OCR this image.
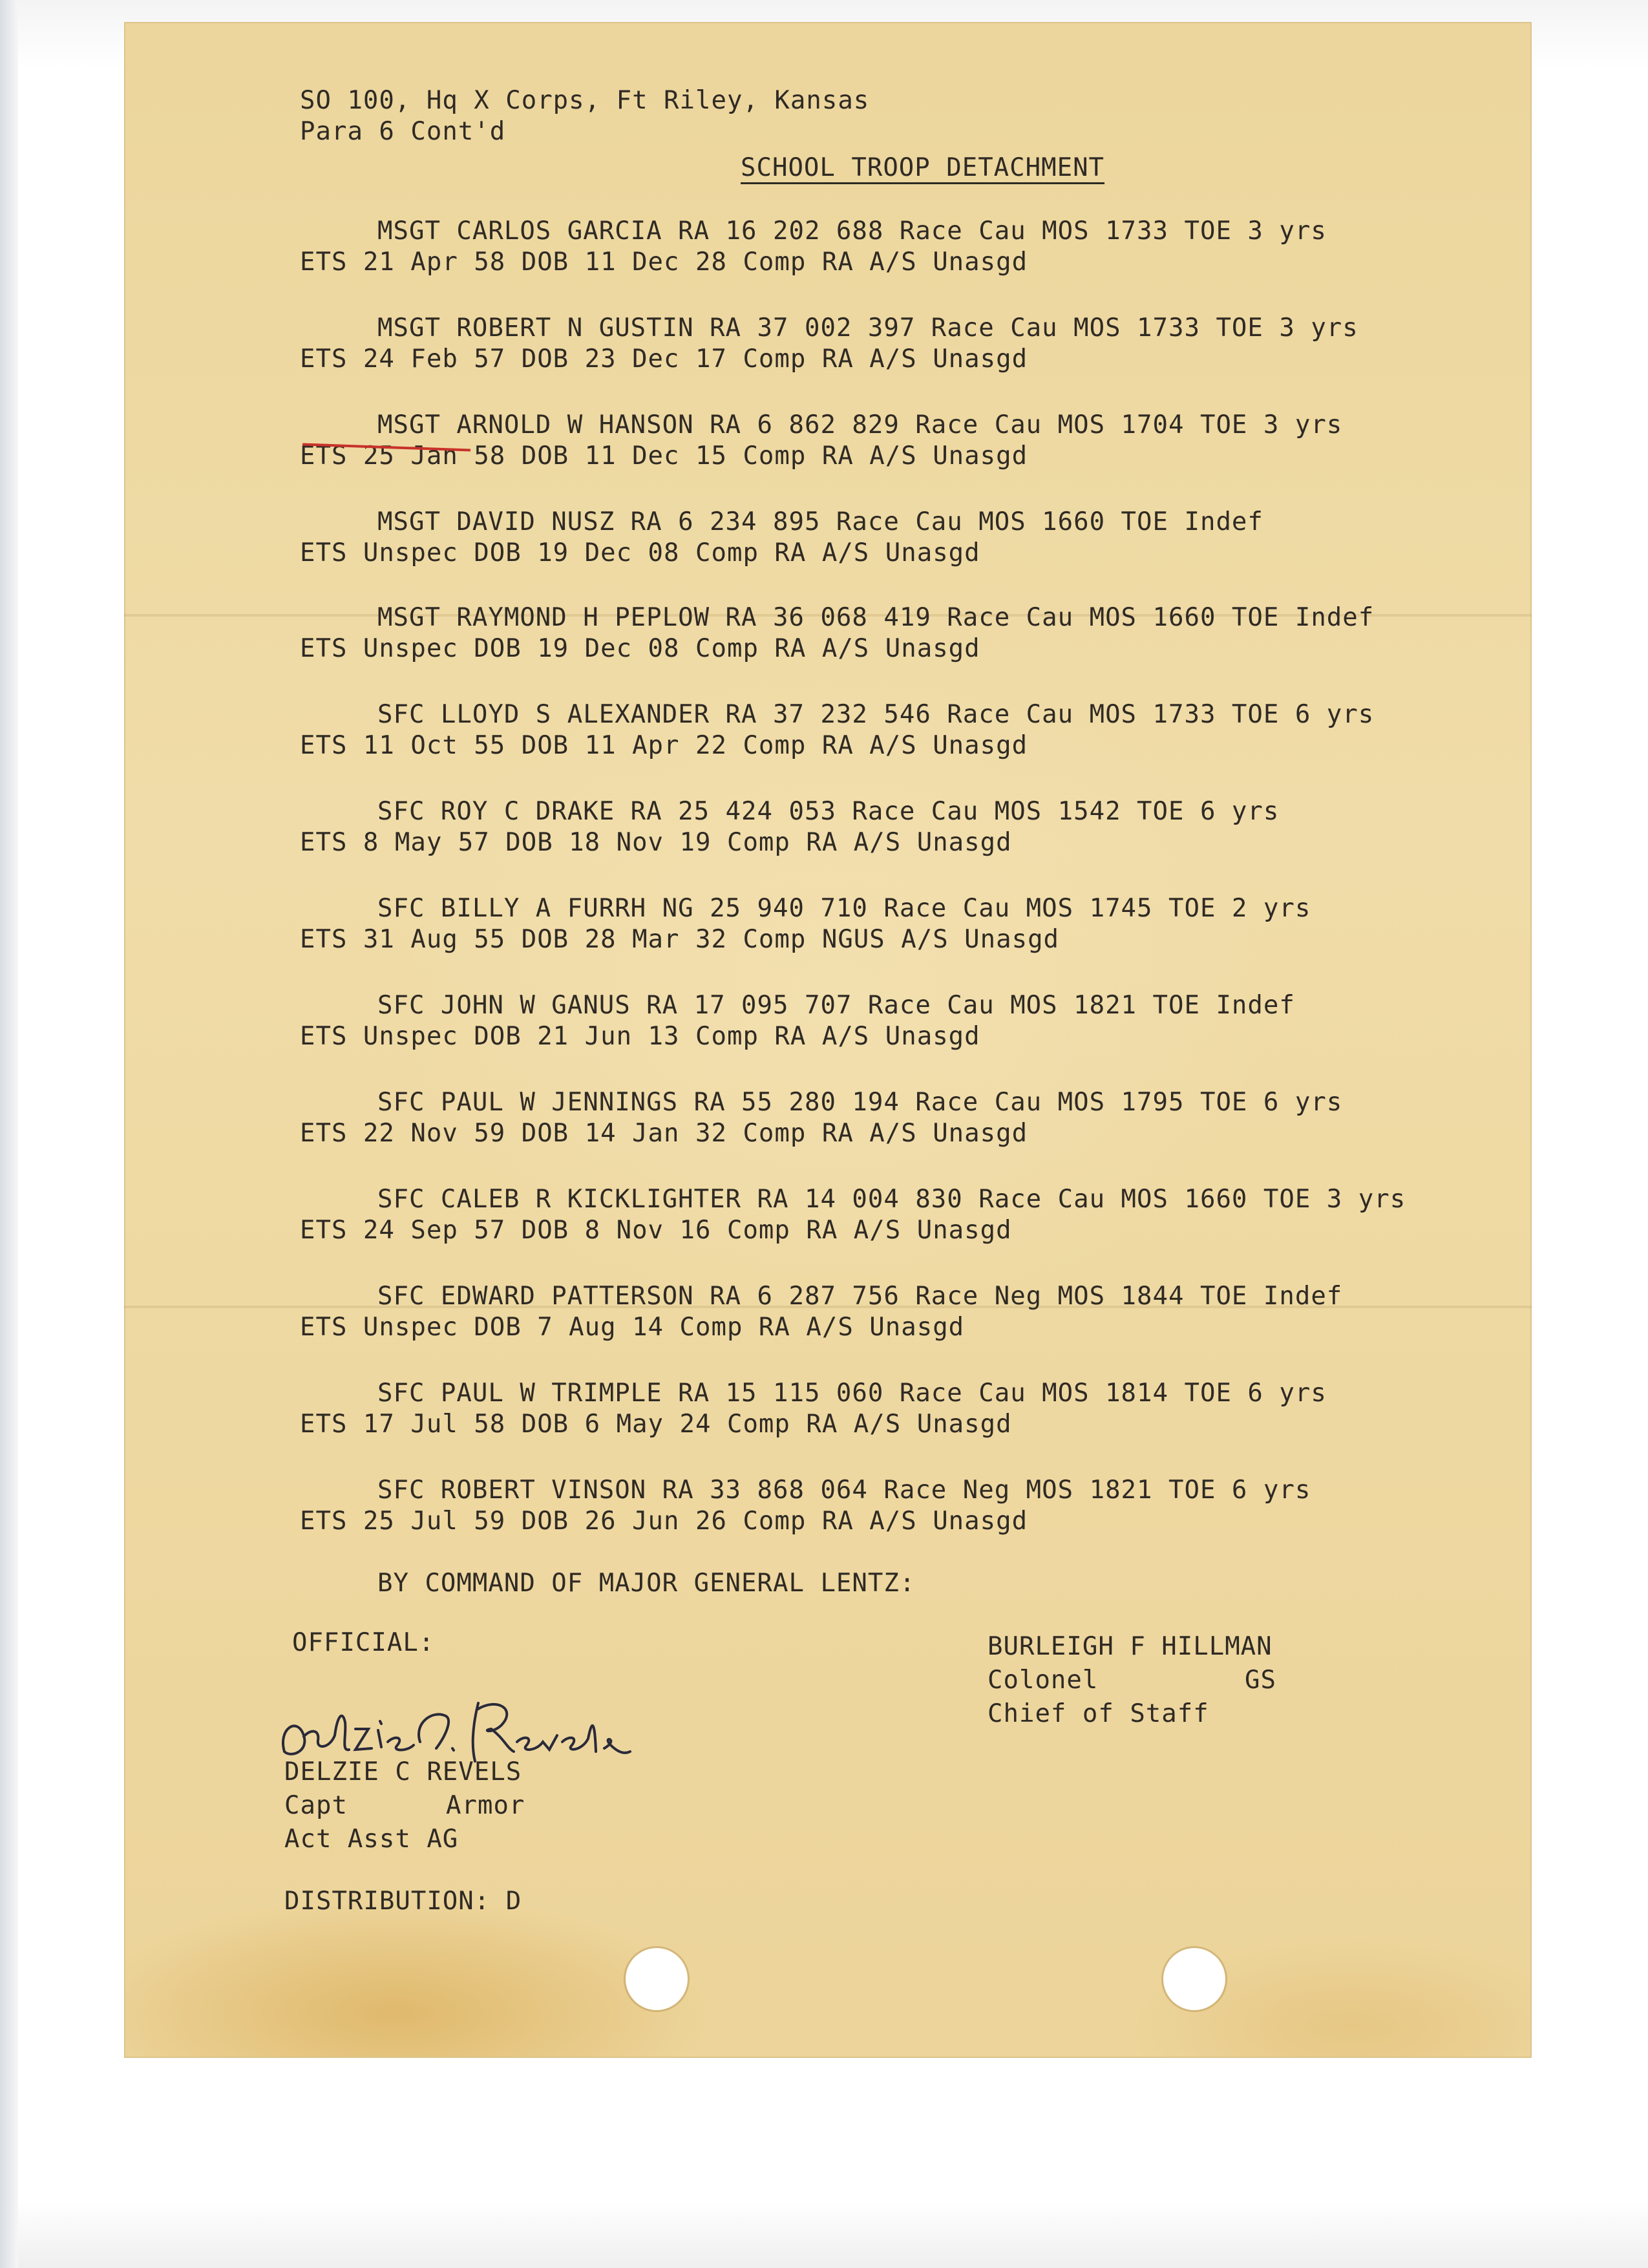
SO 100, Hq X Corps, Ft Riley, Kansas
Para 6 Cont'd
SCHOOL TROOP DETACHMENT
MSGT CARLOS GARCIA RA 16 202 688 Race Cau MOS 1733 TOE 3 yrs
ETS 21 Apr 58 DOB 11 Dec 28 Comp RA A/S Unasgd
MSGT ROBERT N GUSTIN RA 37 002 397 Race Cau MOS 1733 TOE 3 yrs
ETS 24 Feb 57 DOB 23 Dec 17 Comp RA A/S Unasgd
MSGT ARNOLD W HANSON RA 6 862 829 Race Cau MOS 1704 TOE 3 yrs
ETS 25 Jan 58 DOB 11 Dec 15 Comp RA A/S Unasgd
MSGT DAVID NUSZ RA 6 234 895 Race Cau MOS 1660 TOE Indef
ETS Unspec DOB 19 Dec 08 Comp RA A/S Unasgd
MSGT RAYMOND H PEPLOW RA 36 068 419 Race Cau MOS 1660 TOE Indef
ETS Unspec DOB 19 Dec 08 Comp RA A/S Unasgd
SFC LLOYD S ALEXANDER RA 37 232 546 Race Cau MOS 1733 TOE 6 yrs
ETS 11 Oct 55 DOB 11 Apr 22 Comp RA A/S Unasgd
SFC ROY C DRAKE RA 25 424 053 Race Cau MOS 1542 TOE 6 yrs
ETS 8 May 57 DOB 18 Nov 19 Comp RA A/S Unasgd
SFC BILLY A FURRH NG 25 940 710 Race Cau MOS 1745 TOE 2 yrs
ETS 31 Aug 55 DOB 28 Mar 32 Comp NGUS A/S Unasgd
SFC JOHN W GANUS RA 17 095 707 Race Cau MOS 1821 TOE Indef
ETS Unspec DOB 21 Jun 13 Comp RA A/S Unasgd
SFC PAUL W JENNINGS RA 55 280 194 Race Cau MOS 1795 TOE 6 yrs
ETS 22 Nov 59 DOB 14 Jan 32 Comp RA A/S Unasgd
SFC CALEB R KICKLIGHTER RA 14 004 830 Race Cau MOS 1660 TOE 3 yrs
ETS 24 Sep 57 DOB 8 Nov 16 Comp RA A/S Unasgd
SFC EDWARD PATTERSON RA 6 287 756 Race Neg MOS 1844 TOE Indef
ETS Unspec DOB 7 Aug 14 Comp RA A/S Unasgd
SFC PAUL W TRIMPLE RA 15 115 060 Race Cau MOS 1814 TOE 6 yrs
ETS 17 Jul 58 DOB 6 May 24 Comp RA A/S Unasgd
SFC ROBERT VINSON RA 33 868 064 Race Neg MOS 1821 TOE 6 yrs
ETS 25 Jul 59 DOB 26 Jun 26 Comp RA A/S Unasgd
BY COMMAND OF MAJOR GENERAL LENTZ:
OFFICIAL:	BURLEIGH F HILLMAN
Colonel	GS
Chief of Staff
DELZIE C REVELS
Capt	Armor
Act Asst AG
DISTRIBUTION: D
